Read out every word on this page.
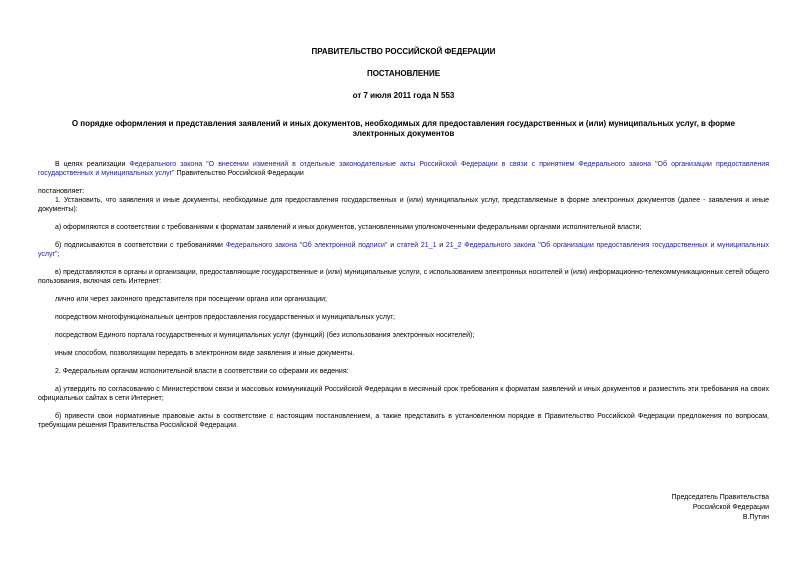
ПРАВИТЕЛЬСТВО РОССИЙСКОЙ ФЕДЕРАЦИИ
ПОСТАНОВЛЕНИЕ
от 7 июля 2011 года N 553
О порядке оформления и представления заявлений и иных документов, необходимых для предоставления государственных и (или) муниципальных услуг, в форме электронных документов

В целях реализации Федерального закона "О внесении изменений в отдельные законодательные акты Российской Федерации в связи с принятием Федерального закона "Об организации предоставления государственных и муниципальных услуг" Правительство Российской Федерации

постановляет:

1. Установить, что заявления и иные документы, необходимые для предоставления государственных и (или) муниципальных услуг, представляемые в форме электронных документов (далее - заявления и иные документы):

а) оформляются в соответствии с требованиями к форматам заявлений и иных документов, установленными уполномоченными федеральными органами исполнительной власти;

б) подписываются в соответствии с требованиями Федерального закона "Об электронной подписи" и статей 21_1 и 21_2 Федерального закона "Об организации предоставления государственных и муниципальных услуг";

в) представляются в органы и организации, предоставляющие государственные и (или) муниципальные услуги, с использованием электронных носителей и (или) информационно-телекоммуникационных сетей общего пользования, включая сеть Интернет:

лично или через законного представителя при посещении органа или организации;

посредством многофункциональных центров предоставления государственных и муниципальных услуг;

посредством Единого портала государственных и муниципальных услуг (функций) (без использования электронных носителей);

иным способом, позволяющим передать в электронном виде заявления и иные документы.

2. Федеральным органам исполнительной власти в соответствии со сферами их ведения:

а) утвердить по согласованию с Министерством связи и массовых коммуникаций Российской Федерации в месячный срок требования к форматам заявлений и иных документов и разместить эти требования на своих официальных сайтах в сети Интернет;

б) привести свои нормативные правовые акты в соответствие с настоящим постановлением, а также представить в установленном порядке в Правительство Российской Федерации предложения по вопросам, требующим решения Правительства Российской Федерации.

Председатель Правительства
Российской Федерации
В.Путин
